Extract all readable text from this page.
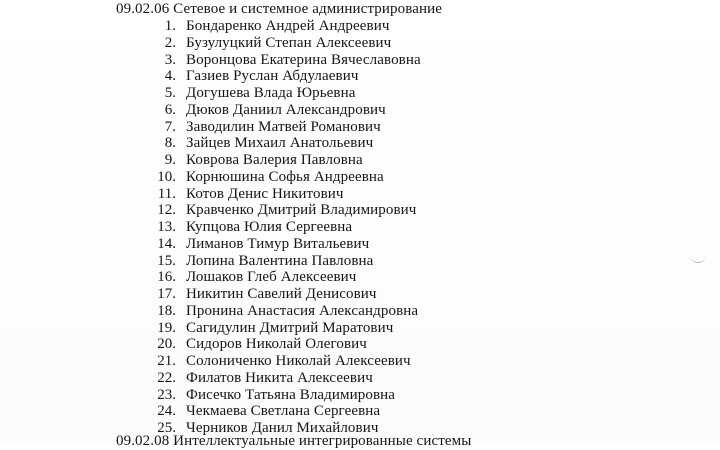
09.02.06 Сетевое и системное администрирование
1. Бондаренко Андрей Андреевич
2. Бузулуцкий Степан Алексеевич
3. Воронцова Екатерина Вячеславовна
4. Газиев Руслан Абдулаевич
5. Догушева Влада Юрьевна
6. Дюков Даниил Александрович
7. Заводилин Матвей Романович
8. Зайцев Михаил Анатольевич
9. Коврова Валерия Павловна
10. Корнюшина Софья Андреевна
11. Котов Денис Никитович
12. Кравченко Дмитрий Владимирович
13. Купцова Юлия Сергеевна
14. Лиманов Тимур Витальевич
15. Лопина Валентина Павловна
16. Лошаков Глеб Алексеевич
17. Никитин Савелий Денисович
18. Пронина Анастасия Александровна
19. Сагидулин Дмитрий Маратович
20. Сидоров Николай Олегович
21. Солониченко Николай Алексеевич
22. Филатов Никита Алексеевич
23. Фисечко Татьяна Владимировна
24. Чекмаева Светлана Сергеевна
25. Черников Данил Михайлович
09.02.08 Интеллектуальные интегрированные системы
